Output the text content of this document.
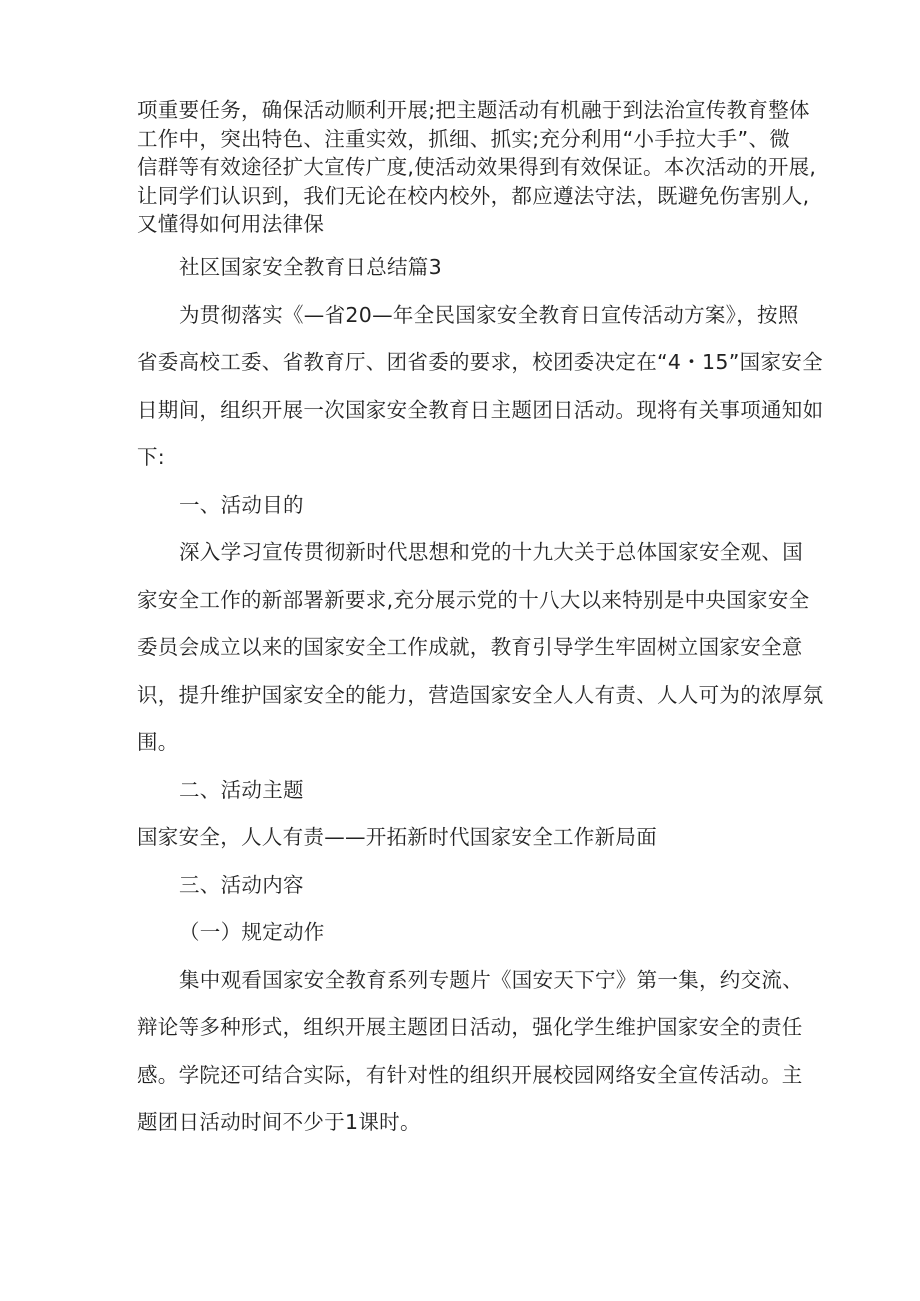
项重要任务，确保活动顺利开展;把主题活动有机融于到法治宣传教育整体
工作中，突出特色、注重实效，抓细、抓实;充分利用“小手拉大手”、微
信群等有效途径扩大宣传广度,使活动效果得到有效保证。本次活动的开展,
让同学们认识到，我们无论在校内校外，都应遵法守法，既避免伤害别人,
又懂得如何用法律保

社区国家安全教育日总结篇3

为贯彻落实《—省20—年全民国家安全教育日宣传活动方案》，按照
省委高校工委、省教育厅、团省委的要求，校团委决定在“4・15”国家安全
日期间，组织开展一次国家安全教育日主题团日活动。现将有关事项通知如
下:

一、活动目的

深入学习宣传贯彻新时代思想和党的十九大关于总体国家安全观、国
家安全工作的新部署新要求,充分展示党的十八大以来特别是中央国家安全
委员会成立以来的国家安全工作成就，教育引导学生牢固树立国家安全意
识，提升维护国家安全的能力，营造国家安全人人有责、人人可为的浓厚氛
围。

二、活动主题

国家安全，人人有责——开拓新时代国家安全工作新局面

三、活动内容

（一）规定动作

集中观看国家安全教育系列专题片《国安天下宁》第一集，约交流、
辩论等多种形式，组织开展主题团日活动，强化学生维护国家安全的责任
感。学院还可结合实际，有针对性的组织开展校园网络安全宣传活动。主
题团日活动时间不少于1课时。
